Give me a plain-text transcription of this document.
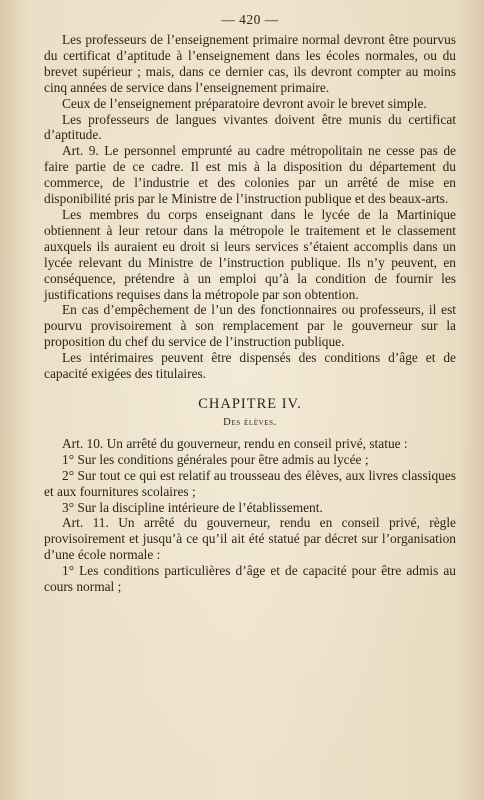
— 420 —

Les professeurs de l’enseignement primaire normal devront être pourvus du certificat d’aptitude à l’enseignement dans les écoles normales, ou du brevet supérieur ; mais, dans ce dernier cas, ils devront compter au moins cinq années de service dans l’enseignement primaire.

Ceux de l’enseignement préparatoire devront avoir le brevet simple.

Les professeurs de langues vivantes doivent être munis du certificat d’aptitude.

Art. 9. Le personnel emprunté au cadre métropolitain ne cesse pas de faire partie de ce cadre. Il est mis à la disposition du département du commerce, de l’industrie et des colonies par un arrêté de mise en disponibilité pris par le Ministre de l’instruction publique et des beaux-arts.

Les membres du corps enseignant dans le lycée de la Martinique obtiennent à leur retour dans la métropole le traitement et le classement auxquels ils auraient eu droit si leurs services s’étaient accomplis dans un lycée relevant du Ministre de l’instruction publique. Ils n’y peuvent, en conséquence, prétendre à un emploi qu’à la condition de fournir les justifications requises dans la métropole par son obtention.

En cas d’empêchement de l’un des fonctionnaires ou professeurs, il est pourvu provisoirement à son remplacement par le gouverneur sur la proposition du chef du service de l’instruction publique.

Les intérimaires peuvent être dispensés des conditions d’âge et de capacité exigées des titulaires.

CHAPITRE IV.
Des élèves.

Art. 10. Un arrêté du gouverneur, rendu en conseil privé, statue :

1° Sur les conditions générales pour être admis au lycée ;

2° Sur tout ce qui est relatif au trousseau des élèves, aux livres classiques et aux fournitures scolaires ;

3° Sur la discipline intérieure de l’établissement.

Art. 11. Un arrêté du gouverneur, rendu en conseil privé, règle provisoirement et jusqu’à ce qu’il ait été statué par décret sur l’organisation d’une école normale :

1° Les conditions particulières d’âge et de capacité pour être admis au cours normal ;
